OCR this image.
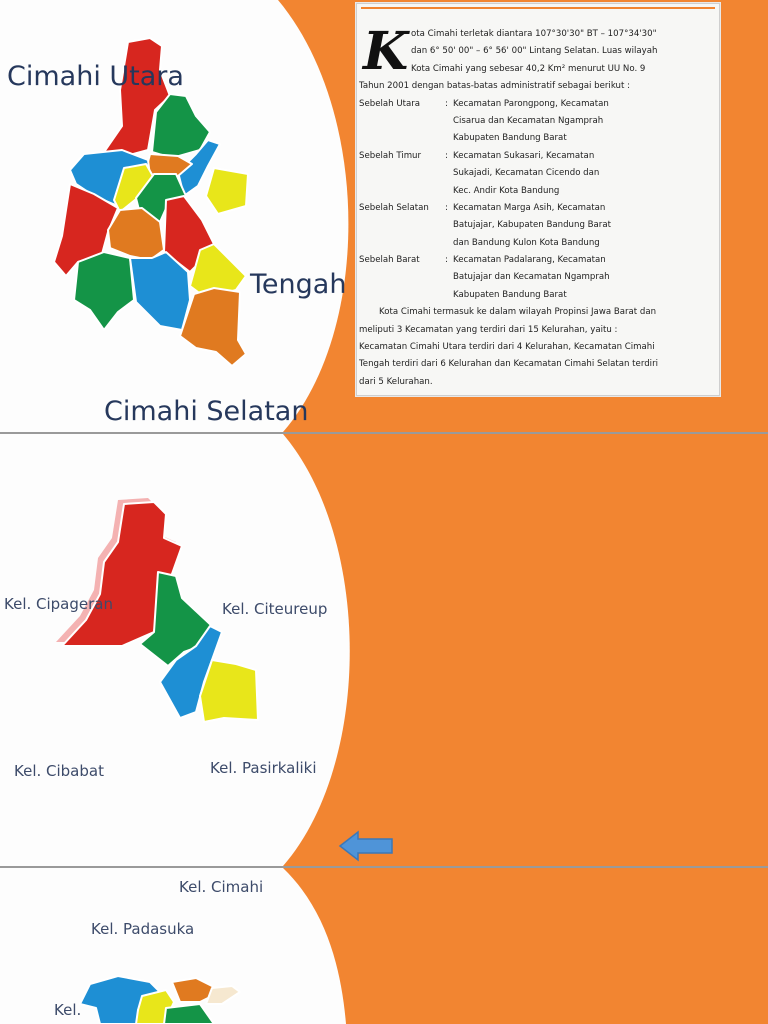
Cimahi Utara
Tengah
Cimahi Selatan
K ota Cimahi terletak diantara 107°30'30" BT – 107°34'30"
dan 6° 50' 00" – 6° 56' 00" Lintang Selatan. Luas wilayah
Kota Cimahi yang sebesar 40,2 Km² menurut UU No. 9
Tahun 2001 dengan batas-batas administratif sebagai berikut :
Sebelah Utara	: Kecamatan Parongpong, Kecamatan
Cisarua dan Kecamatan Ngamprah
Kabupaten Bandung Barat
Sebelah Timur	: Kecamatan Sukasari, Kecamatan
Sukajadi, Kecamatan Cicendo dan
Kec. Andir Kota Bandung
Sebelah Selatan : Kecamatan Marga Asih, Kecamatan
Batujajar, Kabupaten Bandung Barat
dan Bandung Kulon Kota Bandung
Sebelah Barat	: Kecamatan Padalarang, Kecamatan
Batujajar dan Kecamatan Ngamprah
Kabupaten Bandung Barat
Kota Cimahi termasuk ke dalam wilayah Propinsi Jawa Barat dan
meliputi 3 Kecamatan yang terdiri dari 15 Kelurahan, yaitu :
Kecamatan Cimahi Utara terdiri dari 4 Kelurahan, Kecamatan Cimahi
Tengah terdiri dari 6 Kelurahan dan Kecamatan Cimahi Selatan terdiri
dari 5 Kelurahan.
Kel. Cipageran	Kel. Citeureup
Kel. Cibabat	Kel. Pasirkaliki
Kel. Cimahi
Kel. Padasuka
Kel.
